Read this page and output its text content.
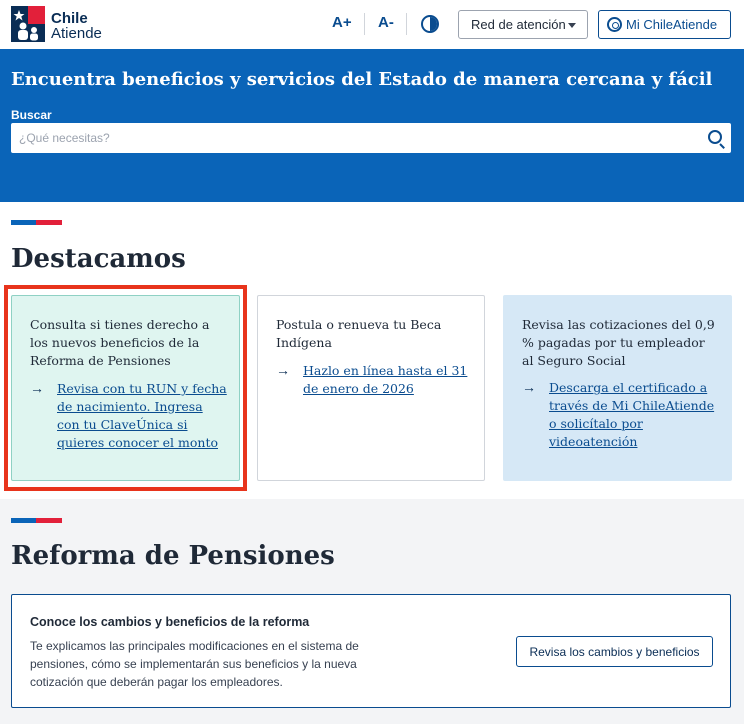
Chile
Atiende
A+ A-	Red de atención	Mi ChileAtiende
Encuentra beneficios y servicios del Estado de manera cercana y fácil
Buscar
¿Qué necesitas?
Destacamos
Consulta si tienes derecho a los nuevos beneficios de la Reforma de Pensiones
→ Revisa con tu RUN y fecha de nacimiento. Ingresa con tu ClaveÚnica si quieres conocer el monto
Postula o renueva tu Beca Indígena
→ Hazlo en línea hasta el 31 de enero de 2026
Revisa las cotizaciones del 0,9 % pagadas por tu empleador al Seguro Social
→ Descarga el certificado a través de Mi ChileAtiende o solicítalo por videoatención
Reforma de Pensiones
Conoce los cambios y beneficios de la reforma
Te explicamos las principales modificaciones en el sistema de pensiones, cómo se implementarán sus beneficios y la nueva cotización que deberán pagar los empleadores.
Revisa los cambios y beneficios
